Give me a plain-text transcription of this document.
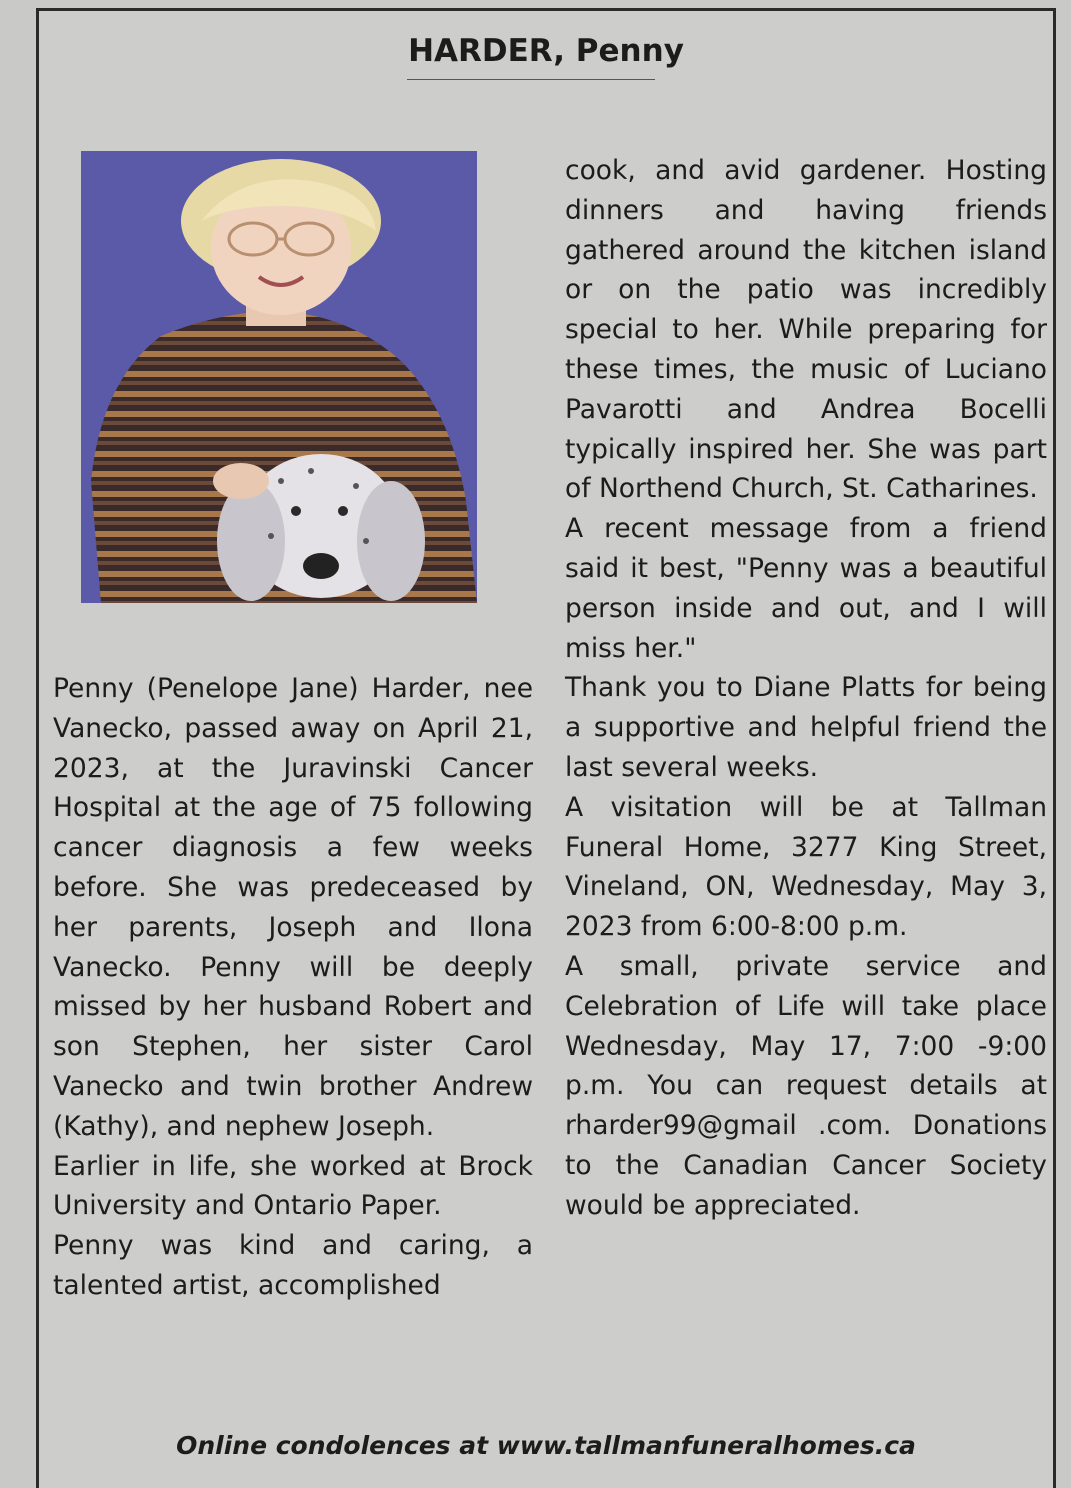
HARDER, Penny

Penny (Penelope Jane) Harder, nee Vanecko, passed away on April 21, 2023, at the Juravinski Cancer Hospital at the age of 75 following cancer diagnosis a few weeks before. She was predeceased by her parents, Joseph and Ilona Vanecko. Penny will be deeply missed by her husband Robert and son Stephen, her sister Carol Vanecko and twin brother Andrew (Kathy), and nephew Joseph.

Earlier in life, she worked at Brock University and Ontario Paper.

Penny was kind and caring, a talented artist, accomplished

cook, and avid gardener. Hosting dinners and having friends gathered around the kitchen island or on the patio was incredibly special to her. While preparing for these times, the music of Luciano Pavarotti and Andrea Bocelli typically inspired her. She was part of Northend Church, St. Catharines.

A recent message from a friend said it best, "Penny was a beautiful person inside and out, and I will miss her."

Thank you to Diane Platts for being a supportive and helpful friend the last several weeks.

A visitation will be at Tallman Funeral Home, 3277 King Street, Vineland, ON, Wednesday, May 3, 2023 from 6:00-8:00 p.m.

A small, private service and Celebration of Life will take place Wednesday, May 17, 7:00 -9:00 p.m. You can request details at rharder99@gmail .com. Donations to the Canadian Cancer Society would be appreciated.

Online condolences at www.tallmanfuneralhomes.ca
